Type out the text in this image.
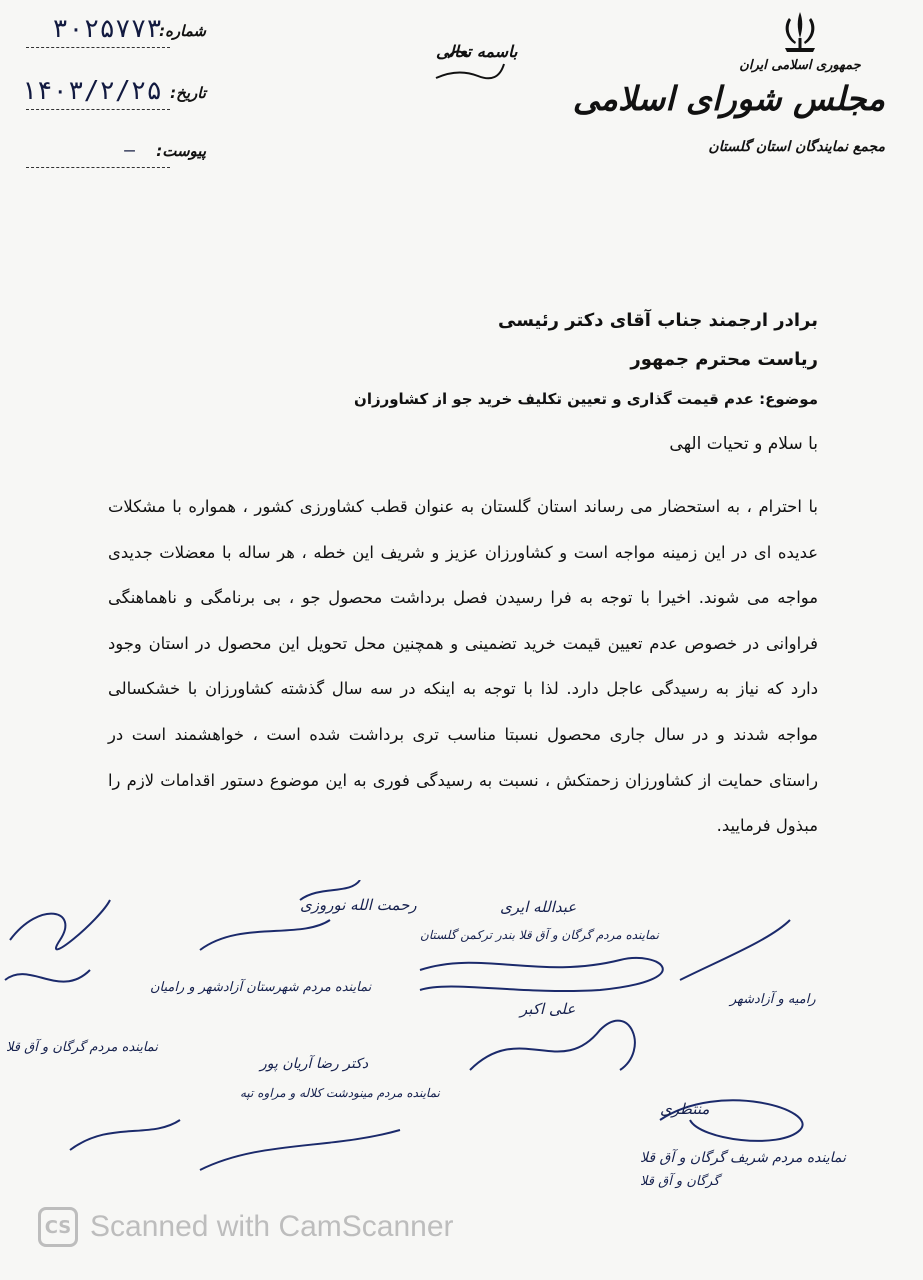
جمهوری اسلامی ایران
مجلس شورای اسلامی
مجمع نمایندگان استان گلستان
باسمه تعالی
شماره:
۳۰۲۵۷۷۳
تاریخ:
۱۴۰۳/۲/۲۵
پیوست:
—
برادر ارجمند جناب آقای دکتر رئیسی
ریاست محترم جمهور
موضوع: عدم قیمت گذاری و تعیین تکلیف خرید جو از کشاورزان
با سلام و تحیات الهی
با احترام ، به استحضار می رساند استان گلستان به عنوان قطب کشاورزی کشور ، همواره با مشکلات عدیده ای در این زمینه مواجه است و کشاورزان عزیز و شریف این خطه ، هر ساله با معضلات جدیدی مواجه می شوند. اخیرا با توجه به فرا رسیدن فصل برداشت محصول جو ، بی برنامگی و ناهماهنگی فراوانی در خصوص عدم تعیین قیمت خرید تضمینی و همچنین محل تحویل این محصول در استان وجود دارد که نیاز به رسیدگی عاجل دارد. لذا با توجه به اینکه در سه سال گذشته کشاورزان با خشکسالی مواجه شدند و در سال جاری محصول نسبتا مناسب تری برداشت شده است ، خواهشمند است در راستای حمایت از کشاورزان زحمتکش ، نسبت به رسیدگی فوری به این موضوع دستور اقدامات لازم را مبذول فرمایید.
عبدالله ایری
نماینده مردم گرگان و آق قلا بندر ترکمن گلستان
رحمت الله نوروزی
نماینده مردم شهرستان آزادشهر و رامیان
رامیه و آزادشهر
نماینده مردم گرگان و آق قلا
دکتر رضا آریان پور
نماینده مردم مینودشت کلاله و مراوه تپه
منتظری
نماینده مردم شریف گرگان و آق قلا
گرگان و آق قلا
علی اکبر
CS Scanned with CamScanner
